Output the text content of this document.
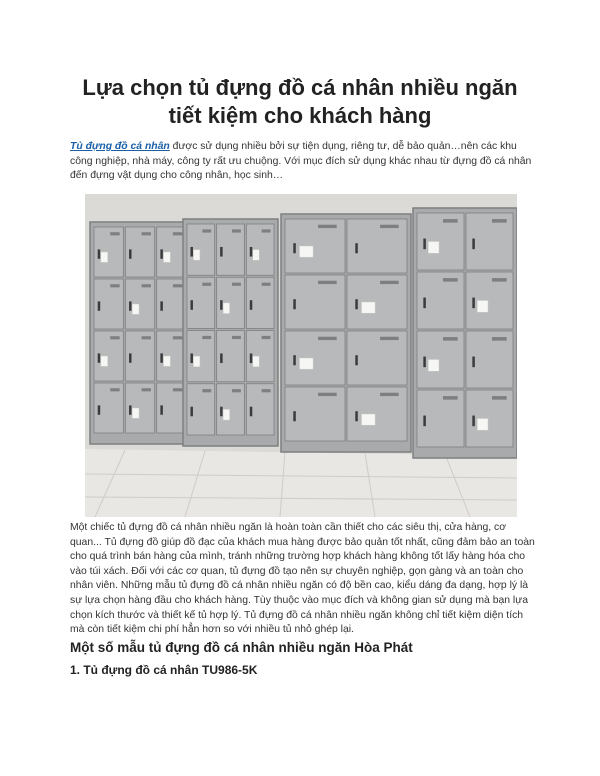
Lựa chọn tủ đựng đồ cá nhân nhiều ngăn
tiết kiệm cho khách hàng
Tủ đựng đồ cá nhân được sử dụng nhiều bởi sự tiện dụng, riêng tư, dễ bảo quản…nên các khu công nghiệp, nhà máy, công ty rất ưu chuộng. Với mục đích sử dụng khác nhau từ đựng đồ cá nhân đến đựng vật dụng cho công nhân, học sinh…
Một chiếc tủ đựng đồ cá nhân nhiều ngăn là hoàn toàn cần thiết cho các siêu thị, cửa hàng, cơ quan... Tủ đựng đồ giúp đồ đạc của khách mua hàng được bảo quản tốt nhất, cũng đảm bảo an toàn cho quá trình bán hàng của mình, tránh những trường hợp khách hàng không tốt lấy hàng hóa cho vào túi xách. Đối với các cơ quan, tủ đựng đồ tạo nên sự chuyên nghiệp, gọn gàng và an toàn cho nhân viên. Những mẫu tủ đựng đồ cá nhân nhiều ngăn có độ bền cao, kiểu dáng đa dạng, hợp lý là sự lựa chọn hàng đầu cho khách hàng. Tùy thuộc vào mục đích và không gian sử dụng mà bạn lựa chọn kích thước và thiết kế tủ hợp lý. Tủ đựng đồ cá nhân nhiều ngăn không chỉ tiết kiệm diện tích mà còn tiết kiệm chi phí hẳn hơn so với nhiều tủ nhỏ ghép lại.
Một số mẫu tủ đựng đồ cá nhân nhiều ngăn Hòa Phát
1. Tủ đựng đồ cá nhân TU986-5K
